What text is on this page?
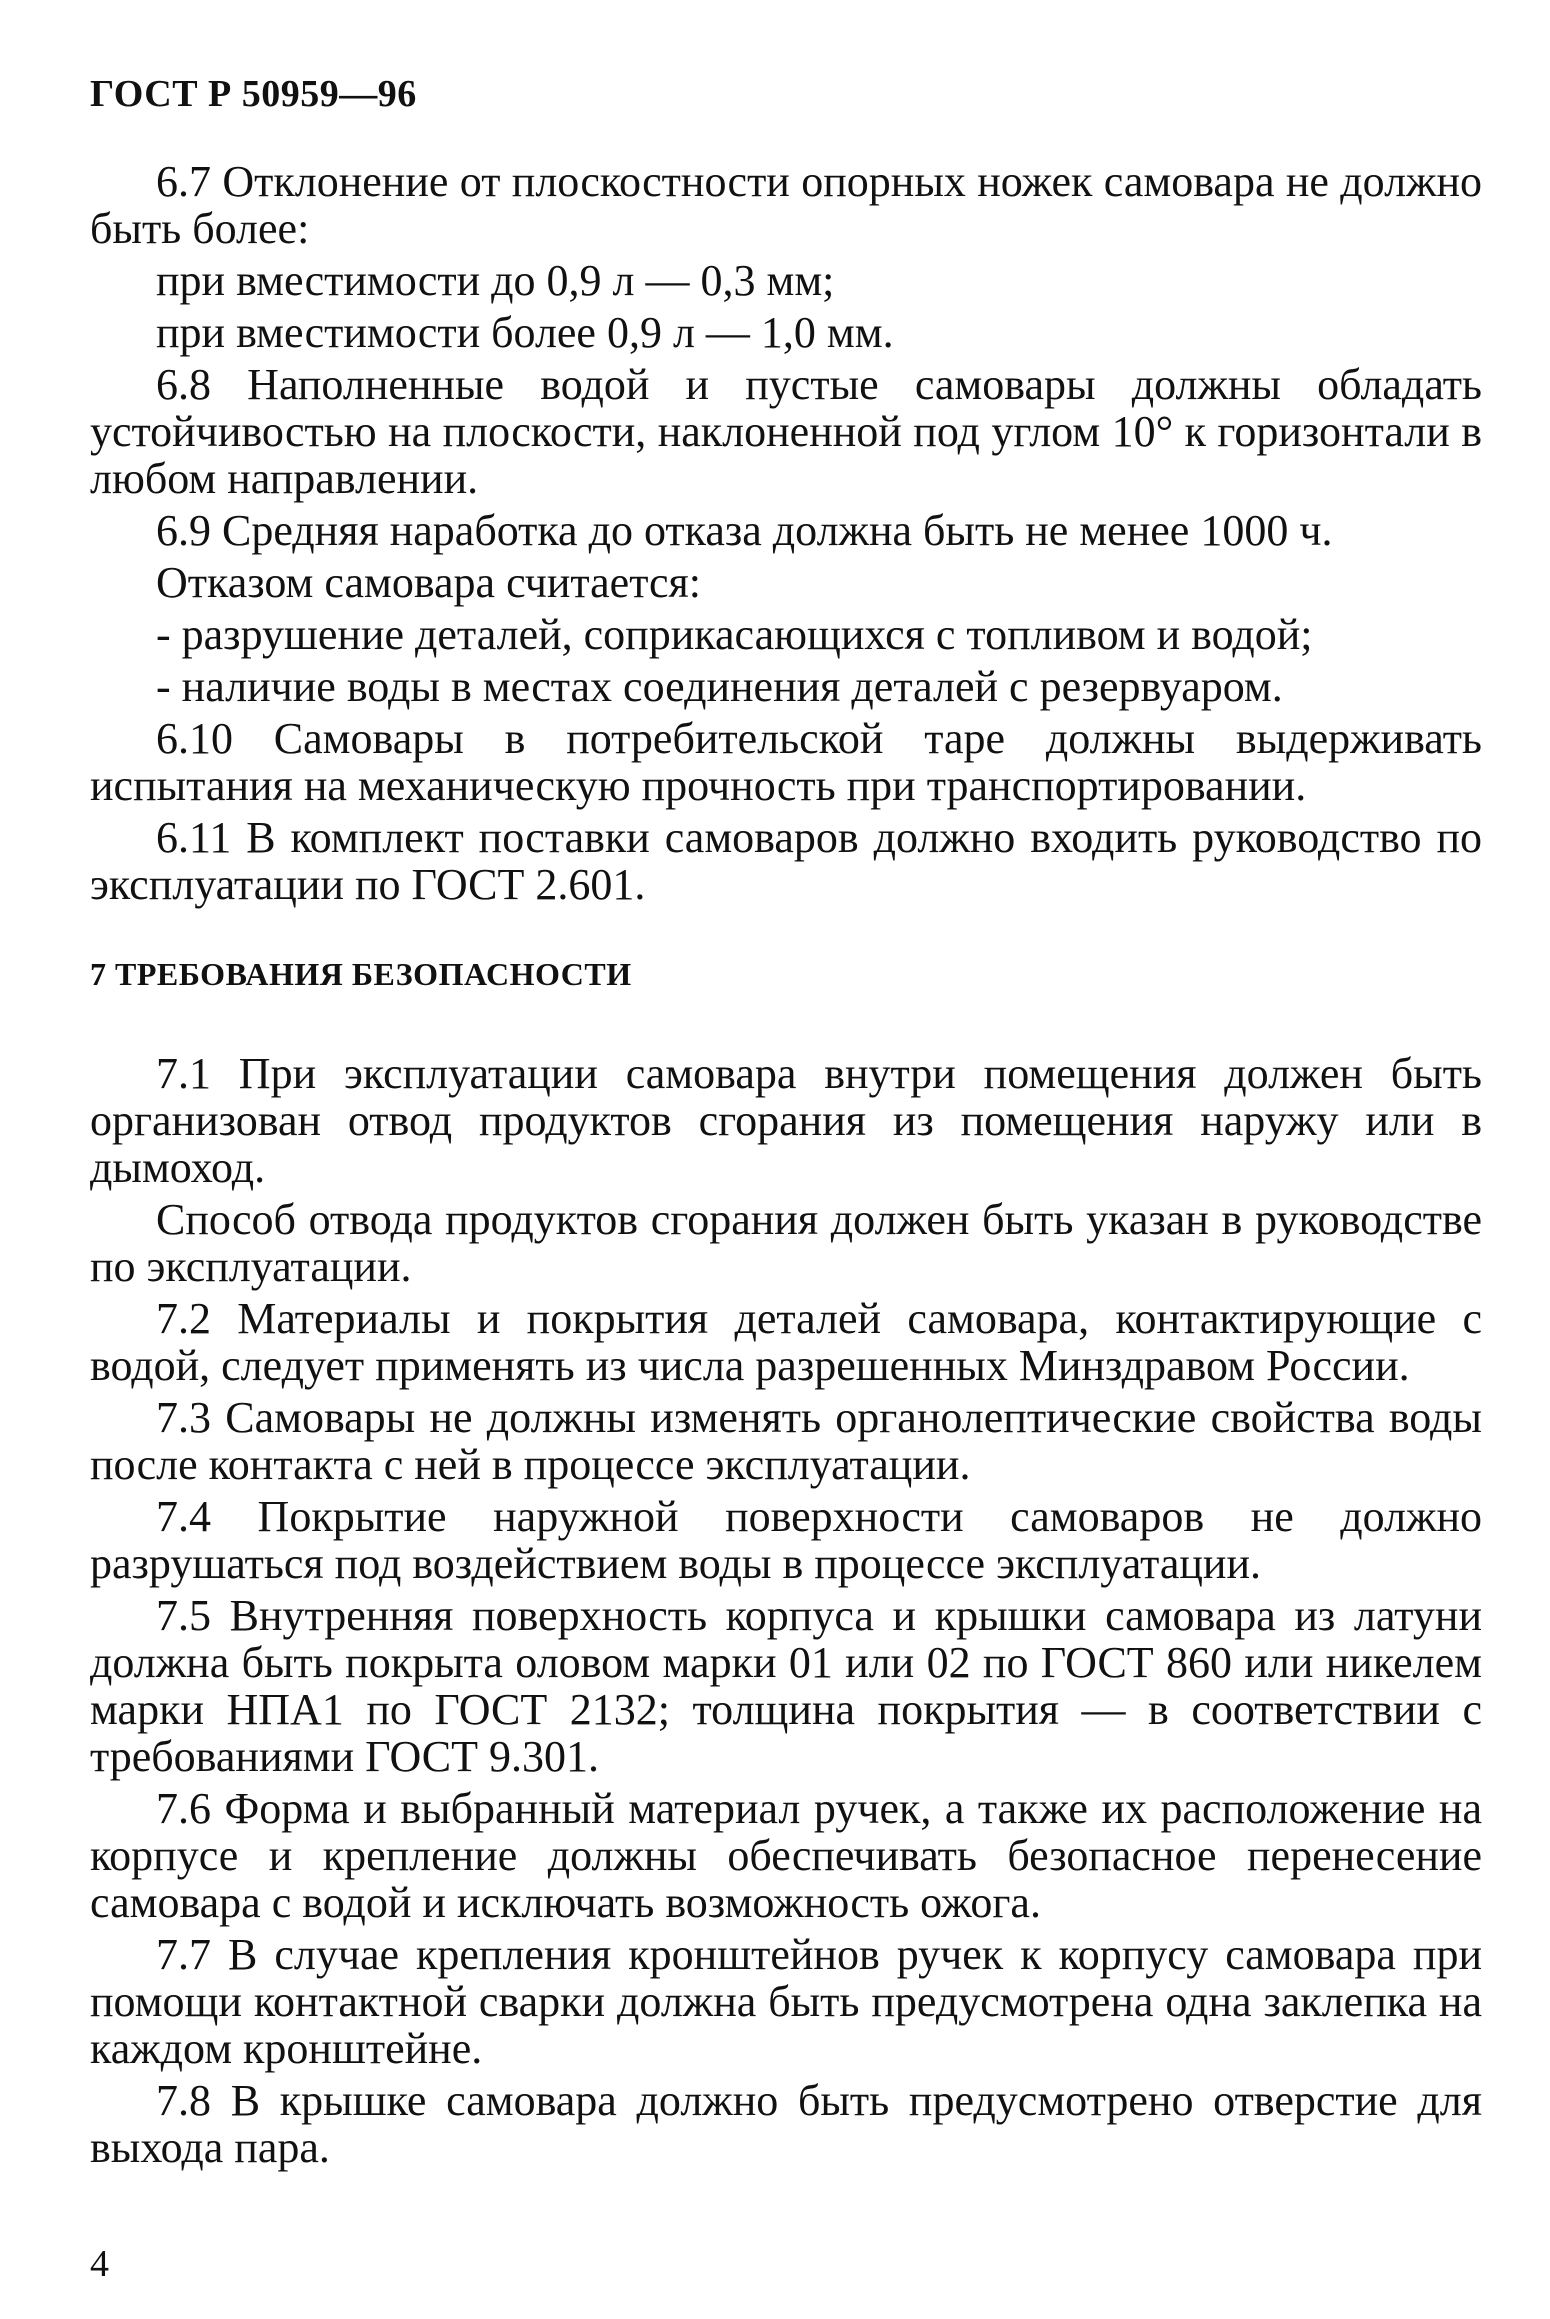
ГОСТ Р 50959—96

6.7 Отклонение от плоскостности опорных ножек самовара не должно быть более:

при вместимости до 0,9 л — 0,3 мм;

при вместимости более 0,9 л — 1,0 мм.

6.8 Наполненные водой и пустые самовары должны обладать устойчивостью на плоскости, наклоненной под углом 10° к горизонтали в любом направлении.

6.9 Средняя наработка до отказа должна быть не менее 1000 ч.

Отказом самовара считается:

- разрушение деталей, соприкасающихся с топливом и водой;

- наличие воды в местах соединения деталей с резервуаром.

6.10 Самовары в потребительской таре должны выдерживать испытания на механическую прочность при транспортировании.

6.11 В комплект поставки самоваров должно входить руководство по эксплуатации по ГОСТ 2.601.

7 ТРЕБОВАНИЯ БЕЗОПАСНОСТИ

7.1 При эксплуатации самовара внутри помещения должен быть организован отвод продуктов сгорания из помещения наружу или в дымоход.

Способ отвода продуктов сгорания должен быть указан в руководстве по эксплуатации.

7.2 Материалы и покрытия деталей самовара, контактирующие с водой, следует применять из числа разрешенных Минздравом России.

7.3 Самовары не должны изменять органолептические свойства воды после контакта с ней в процессе эксплуатации.

7.4 Покрытие наружной поверхности самоваров не должно разрушаться под воздействием воды в процессе эксплуатации.

7.5 Внутренняя поверхность корпуса и крышки самовара из латуни должна быть покрыта оловом марки 01 или 02 по ГОСТ 860 или никелем марки НПА1 по ГОСТ 2132; толщина покрытия — в соответствии с требованиями ГОСТ 9.301.

7.6 Форма и выбранный материал ручек, а также их расположение на корпусе и крепление должны обеспечивать безопасное перенесение самовара с водой и исключать возможность ожога.

7.7 В случае крепления кронштейнов ручек к корпусу самовара при помощи контактной сварки должна быть предусмотрена одна заклепка на каждом кронштейне.

7.8 В крышке самовара должно быть предусмотрено отверстие для выхода пара.

4
